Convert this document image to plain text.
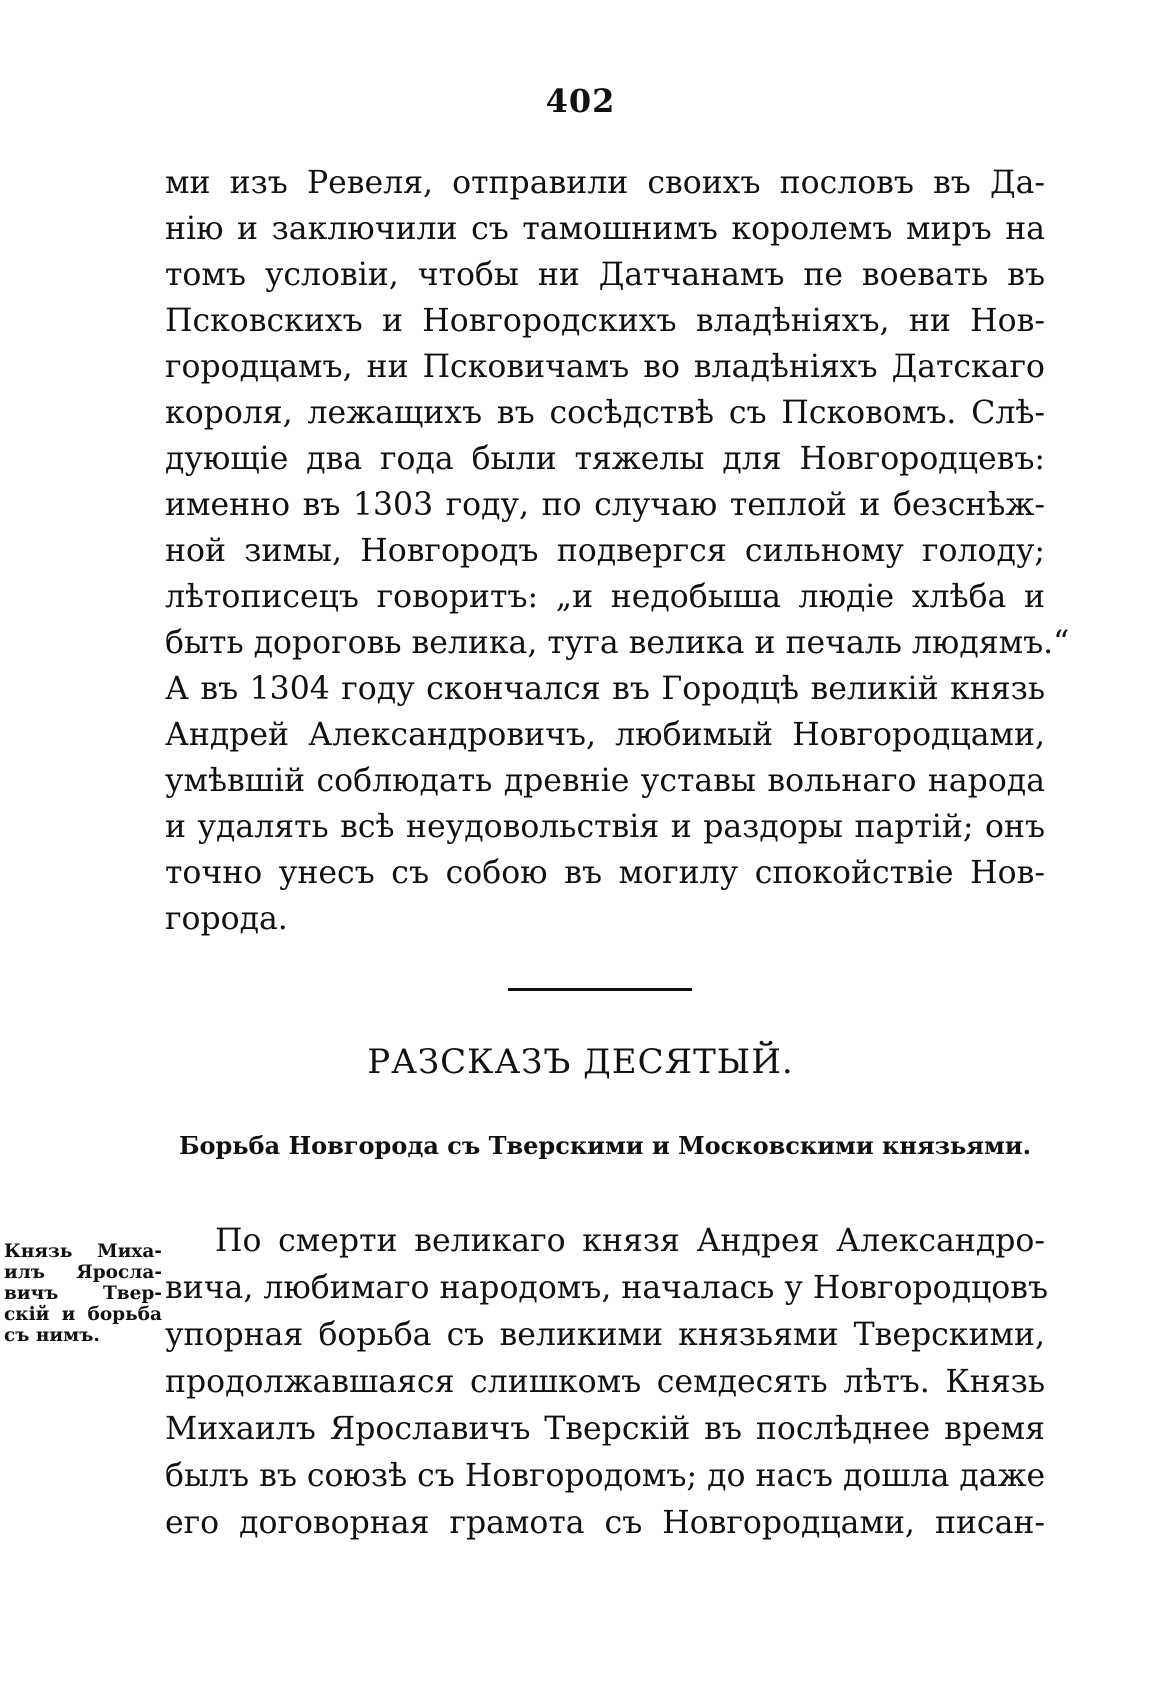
402
ми изъ Ревеля, отправили своихъ пословъ въ Да-
нію и заключили съ тамошнимъ королемъ миръ на
томъ условіи, чтобы ни Датчанамъ пе воевать въ
Псковскихъ и Новгородскихъ владѣніяхъ, ни Нов-
городцамъ, ни Псковичамъ во владѣніяхъ Датскаго
короля, лежащихъ въ сосѣдствѣ съ Псковомъ. Слѣ-
дующіе два года были тяжелы для Новгородцевъ:
именно въ 1303 году, по случаю теплой и безснѣж-
ной зимы, Новгородъ подвергся сильному голоду;
лѣтописецъ говоритъ: „и недобыша людіе хлѣба и
быть дороговь велика, туга велика и печаль людямъ.“
А въ 1304 году скончался въ Городцѣ великій князь
Андрей Александровичъ, любимый Новгородцами,
умѣвшій соблюдать древніе уставы вольнаго народа
и удалять всѣ неудовольствія и раздоры партій; онъ
точно унесъ съ собою въ могилу спокойствіе Нов-
города.
РАЗСКАЗЪ ДЕСЯТЫЙ.
Борьба Новгорода съ Тверскими и Московскими князьями.
Князь Миха-
илъ Яросла-
вичъ Твер-
скій и борьба
съ нимъ.
По смерти великаго князя Андрея Александро-
вича, любимаго народомъ, началась у Новгородцовъ
упорная борьба съ великими князьями Тверскими,
продолжавшаяся слишкомъ семдесять лѣтъ. Князь
Михаилъ Ярославичъ Тверскій въ послѣднее время
былъ въ союзѣ съ Новгородомъ; до насъ дошла даже
его договорная грамота съ Новгородцами, писан-
